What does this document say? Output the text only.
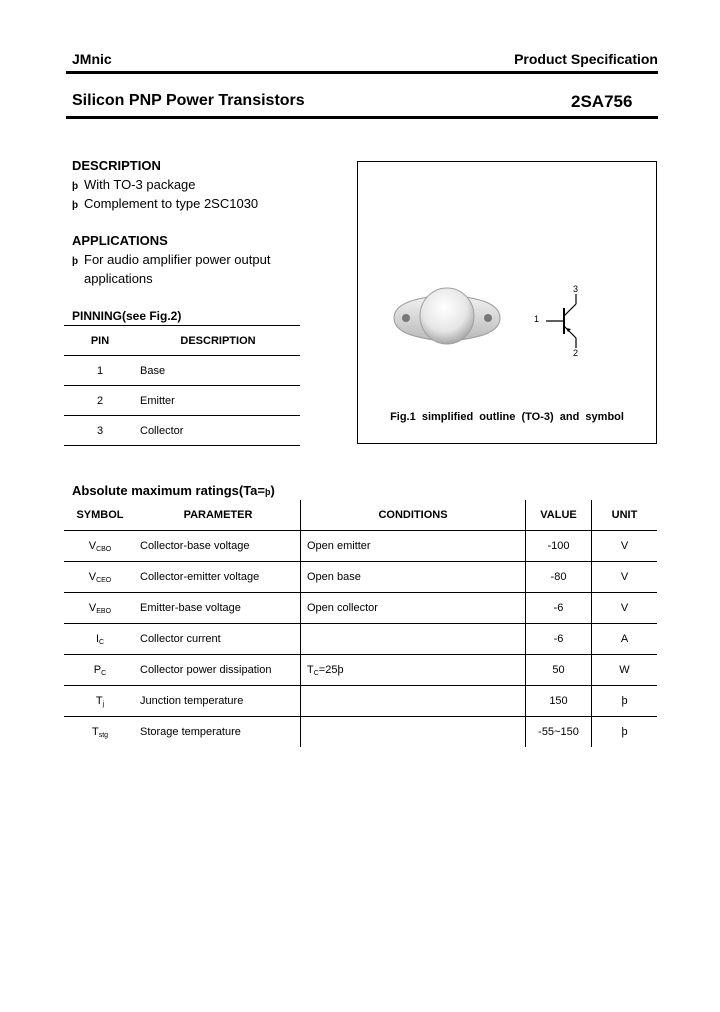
JMnic	Product Specification
Silicon PNP Power Transistors	2SA756
DESCRIPTION
þ With TO-3 package
þ Complement to type 2SC1030
APPLICATIONS
þ For audio amplifier power output
applications
PINNING(see Fig.2)
PIN	DESCRIPTION
1	Base
2	Emitter
3	Collector
1
2
3
Fig.1  simplified  outline  (TO-3)  and  symbol
Absolute maximum ratings(Ta=þ)
SYMBOL	PARAMETER	CONDITIONS	VALUE	UNIT
$V_{CBO}$	Collector-base voltage	Open emitter	-100	V
$V_{CEO}$	Collector-emitter voltage	Open base	-80	V
$V_{EBO}$	Emitter-base voltage	Open collector	-6	V
$I_C$	Collector current		-6	A
$P_C$	Collector power dissipation	$T_C=25þ$	50	W
$T_j$	Junction temperature		150	þ
$T_{stg}$	Storage temperature		-55~150	þ
